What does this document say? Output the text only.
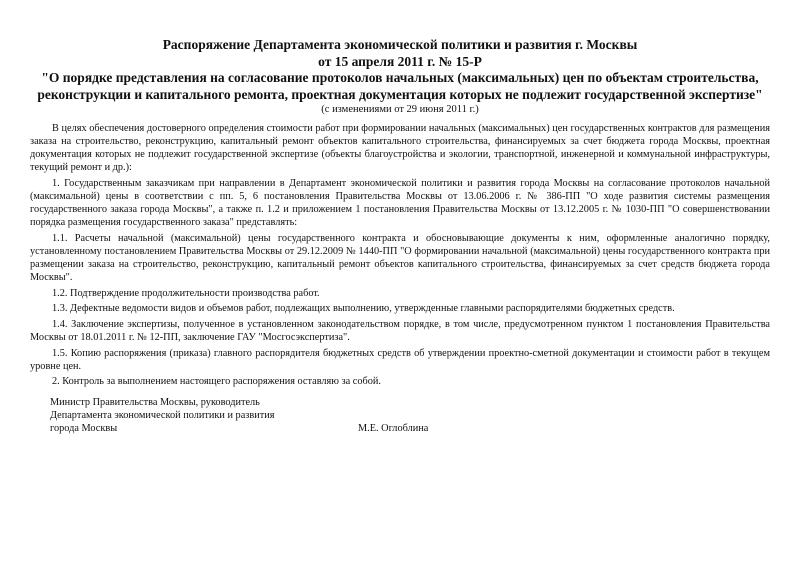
Распоряжение Департамента экономической политики и развития г. Москвы
от 15 апреля 2011 г. № 15-Р
"О порядке представления на согласование протоколов начальных (максимальных) цен по объектам строительства,
реконструкции и капитального ремонта, проектная документация которых не подлежит государственной экспертизе"
(с изменениями от 29 июня 2011 г.)

В целях обеспечения достоверного определения стоимости работ при формировании начальных (максимальных) цен государственных контрактов для размещения заказа на строительство, реконструкцию, капитальный ремонт объектов капитального строительства, финансируемых за счет бюджета города Москвы, проектная документация которых не подлежит государственной экспертизе (объекты благоустройства и экологии, транспортной, инженерной и коммунальной инфраструктуры, текущий ремонт и др.):

1. Государственным заказчикам при направлении в Департамент экономической политики и развития города Москвы на согласование протоколов начальной (максимальной) цены в соответствии с пп. 5, 6 постановления Правительства Москвы от 13.06.2006 г. № 386-ПП "О ходе развития системы размещения государственного заказа города Москвы", а также п. 1.2 и приложением 1 постановления Правительства Москвы от 13.12.2005 г. № 1030-ПП "О совершенствовании порядка размещения государственного заказа" представлять:

1.1. Расчеты начальной (максимальной) цены государственного контракта и обосновывающие документы к ним, оформленные аналогично порядку, установленному постановлением Правительства Москвы от 29.12.2009 № 1440-ПП "О формировании начальной (максимальной) цены государственного контракта при размещении заказа на строительство, реконструкцию, капитальный ремонт объектов капитального строительства, финансируемых за счет средств бюджета города Москвы".

1.2. Подтверждение продолжительности производства работ.

1.3. Дефектные ведомости видов и объемов работ, подлежащих выполнению, утвержденные главными распорядителями бюджетных средств.

1.4. Заключение экспертизы, полученное в установленном законодательством порядке, в том числе, предусмотренном пунктом 1 постановления Правительства Москвы от 18.01.2011 г. № 12-ПП, заключение ГАУ "Мосгосэкспертиза".

1.5. Копию распоряжения (приказа) главного распорядителя бюджетных средств об утверждении проектно-сметной документации и стоимости работ в текущем уровне цен.

2. Контроль за выполнением настоящего распоряжения оставляю за собой.

Министр Правительства Москвы, руководитель
Департамента экономической политики и развития
города Москвы	М.Е. Оглоблина
